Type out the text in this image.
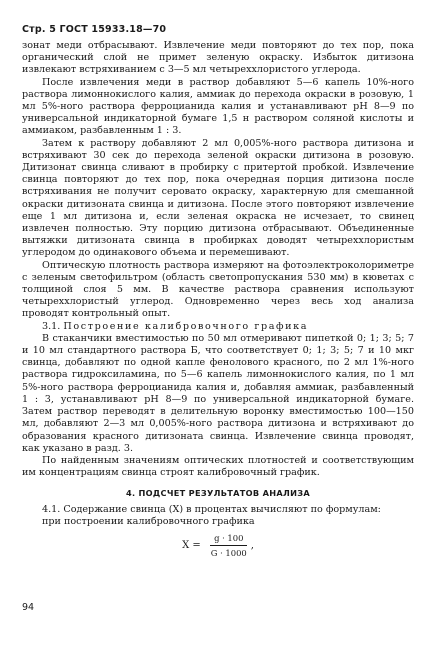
Стр. 5 ГОСТ 15933.18—70

зонат меди отбрасывают. Извлечение меди повторяют до тех пор, пока органический слой не примет зеленую окраску. Избыток дитизона извлекают встряхиванием с 3—5 мл четыреххлористого углерода.

После извлечения меди в раствор добавляют 5—6 капель 10%-ного раствора лимоннокислого калия, аммиак до перехода окраски в розовую, 1 мл 5%-ного раствора ферроцианида калия и устанавливают pH 8—9 по универсальной индикаторной бумаге 1,5 н раствором соляной кислоты и аммиаком, разбавленным 1 : 3.

Затем к раствору добавляют 2 мл 0,005%-ного раствора дитизона и встряхивают 30 сек до перехода зеленой окраски дитизона в розовую. Дитизонат свинца сливают в пробирку с притертой пробкой. Извлечение свинца повторяют до тех пор, пока очередная порция дитизона после встряхивания не получит серовато окраску, характерную для смешанной окраски дитизоната свинца и дитизона. После этого повторяют извлечение еще 1 мл дитизона и, если зеленая окраска не исчезает, то свинец извлечен полностью. Эту порцию дитизона отбрасывают. Объединенные вытяжки дитизоната свинца в пробирках доводят четыреххлористым углеродом до одинакового объема и перемешивают.

Оптическую плотность раствора измеряют на фотоэлектроколориметре с зеленым светофильтром (область светопропускания 530 мм) в кюветах с толщиной слоя 5 мм. В качестве раствора сравнения используют четыреххлористый углерод. Одновременно через весь ход анализа проводят контрольный опыт.

3.1. Построение калибровочного графика

В стаканчики вместимостью по 50 мл отмеривают пипеткой 0; 1; 3; 5; 7 и 10 мл стандартного раствора Б, что соответствует 0; 1; 3; 5; 7 и 10 мкг свинца, добавляют по одной капле фенолового красного, по 2 мл 1%-ного раствора гидроксиламина, по 5—6 капель лимоннокислого калия, по 1 мл 5%-ного раствора ферроцианида калия и, добавляя аммиак, разбавленный 1 : 3, устанавливают pH 8—9 по универсальной индикаторной бумаге. Затем раствор переводят в делительную воронку вместимостью 100—150 мл, добавляют 2—3 мл 0,005%-ного раствора дитизона и встряхивают до образования красного дитизоната свинца. Извлечение свинца проводят, как указано в разд. 3.

По найденным значениям оптических плотностей и соответствующим им концентрациям свинца строят калибровочный график.

4. ПОДСЧЕТ РЕЗУЛЬТАТОВ АНАЛИЗА

4.1. Содержание свинца (X) в процентах вычисляют по формулам:

при построении калибровочного графика

$X = \frac{g \cdot 100}{G \cdot 1000}$ ,
94
